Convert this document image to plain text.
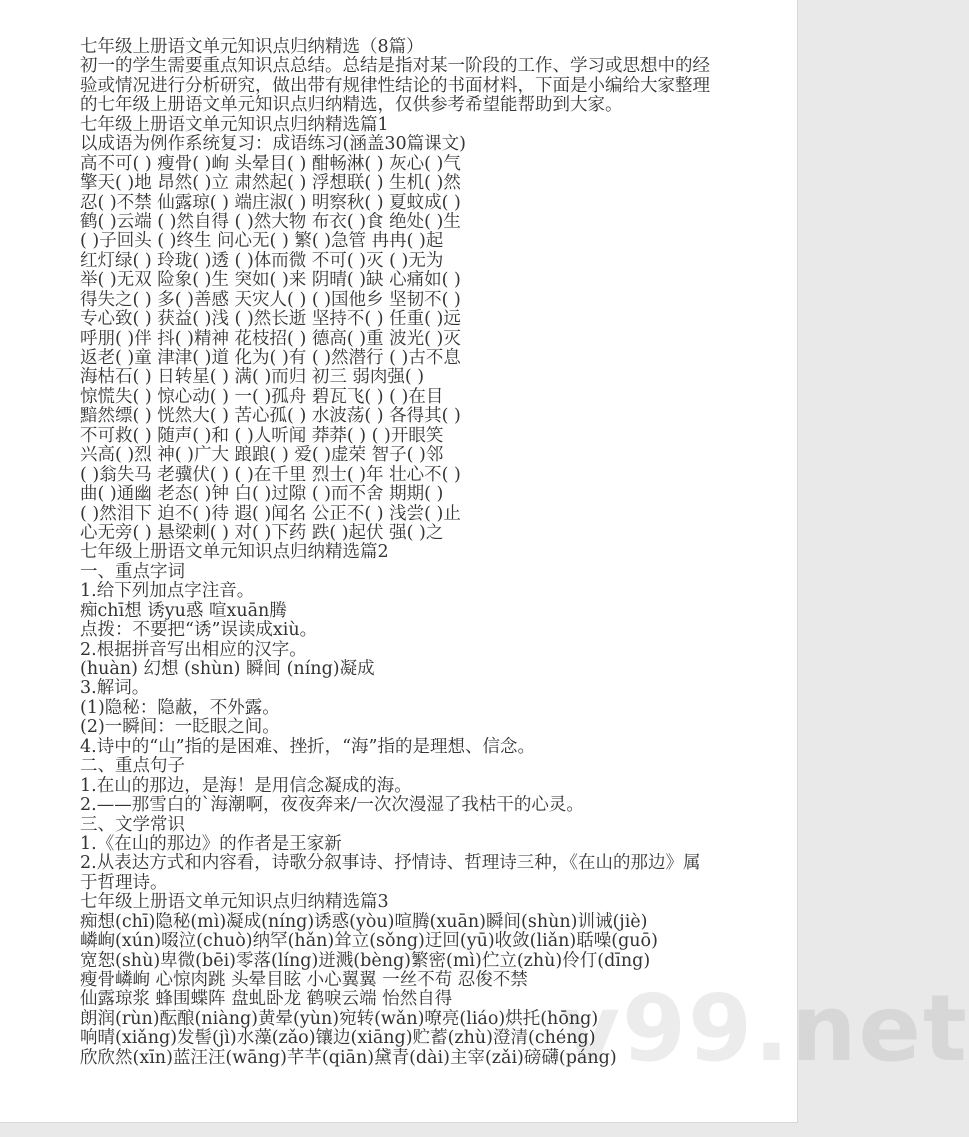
七年级上册语文单元知识点归纳精选（8篇）
初一的学生需要重点知识点总结。总结是指对某一阶段的工作、学习或思想中的经
验或情况进行分析研究，做出带有规律性结论的书面材料，下面是小编给大家整理
的七年级上册语文单元知识点归纳精选，仅供参考希望能帮助到大家。
七年级上册语文单元知识点归纳精选篇1
以成语为例作系统复习：成语练习(涵盖30篇课文)
高不可( ) 瘦骨( )峋 头晕目( ) 酣畅淋( ) 灰心( )气
擎天( )地 昂然( )立 肃然起( ) 浮想联( ) 生机( )然
忍( )不禁 仙露琼( ) 端庄淑( ) 明察秋( ) 夏蚊成( )
鹤( )云端 ( )然自得 ( )然大物 布衣( )食 绝处( )生
( )子回头 ( )终生 问心无( ) 繁( )急管 冉冉( )起
红灯绿( ) 玲珑( )透 ( )体而微 不可( )灭 ( )无为
举( )无双 险象( )生 突如( )来 阴晴( )缺 心痛如( )
得失之( ) 多( )善感 天灾人( ) ( )国他乡 坚韧不( )
专心致( ) 获益( )浅 ( )然长逝 坚持不( ) 任重( )远
呼朋( )伴 抖( )精神 花枝招( ) 德高( )重 波光( )灭
返老( )童 津津( )道 化为( )有 ( )然潜行 ( )古不息
海枯石( ) 日转星( ) 满( )而归 初三 弱肉强( )
惊慌失( ) 惊心动( ) 一( )孤舟 碧瓦飞( ) ( )在目
黯然缥( ) 恍然大( ) 苦心孤( ) 水波荡( ) 各得其( )
不可救( ) 随声( )和 ( )人听闻 莽莽( ) ( )开眼笑
兴高( )烈 神( )广大 踉踉( ) 爱( )虚荣 智子( )邻
( )翁失马 老骥伏( ) ( )在千里 烈士( )年 壮心不( )
曲( )通幽 老态( )钟 白( )过隙 ( )而不舍 期期( )
( )然泪下 迫不( )待 遐( )闻名 公正不( ) 浅尝( )止
心无旁( ) 悬梁刺( ) 对( )下药 跌( )起伏 强( )之
七年级上册语文单元知识点归纳精选篇2
一、重点字词
1.给下列加点字注音。
痴chī想 诱yu惑 喧xuān腾
点拨：不要把“诱”误读成xiù。
2.根据拼音写出相应的汉字。
(huàn) 幻想 (shùn) 瞬间 (níng)凝成
3.解词。
(1)隐秘：隐蔽，不外露。
(2)一瞬间：一眨眼之间。
4.诗中的“山”指的是困难、挫折，“海”指的是理想、信念。
二、重点句子
1.在山的那边，是海！是用信念凝成的海。
2.——那雪白的`海潮啊，夜夜奔来/一次次漫湿了我枯干的心灵。
三、文学常识
1.《在山的那边》的作者是王家新
2.从表达方式和内容看，诗歌分叙事诗、抒情诗、哲理诗三种，《在山的那边》属
于哲理诗。
七年级上册语文单元知识点归纳精选篇3
痴想(chī)隐秘(mì)凝成(níng)诱惑(yòu)喧腾(xuān)瞬间(shùn)训诫(jiè)
嶙峋(xún)啜泣(chuò)纳罕(hǎn)耸立(sǒng)迂回(yū)收敛(liǎn)聒噪(guō)
宽恕(shù)卑微(bēi)零落(líng)迸溅(bèng)繁密(mì)伫立(zhù)伶仃(dīng)
瘦骨嶙峋 心惊肉跳 头晕目眩 小心翼翼 一丝不苟 忍俊不禁
仙露琼浆 蜂围蝶阵 盘虬卧龙 鹤唳云端 怡然自得
朗润(rùn)酝酿(niàng)黄晕(yùn)宛转(wǎn)嘹亮(liáo)烘托(hōng)
响晴(xiǎng)发髻(jì)水藻(zǎo)镶边(xiāng)贮蓄(zhù)澄清(chéng)
欣欣然(xīn)蓝汪汪(wāng)芊芊(qiān)黛青(dài)主宰(zǎi)磅礴(páng)
v99.net
